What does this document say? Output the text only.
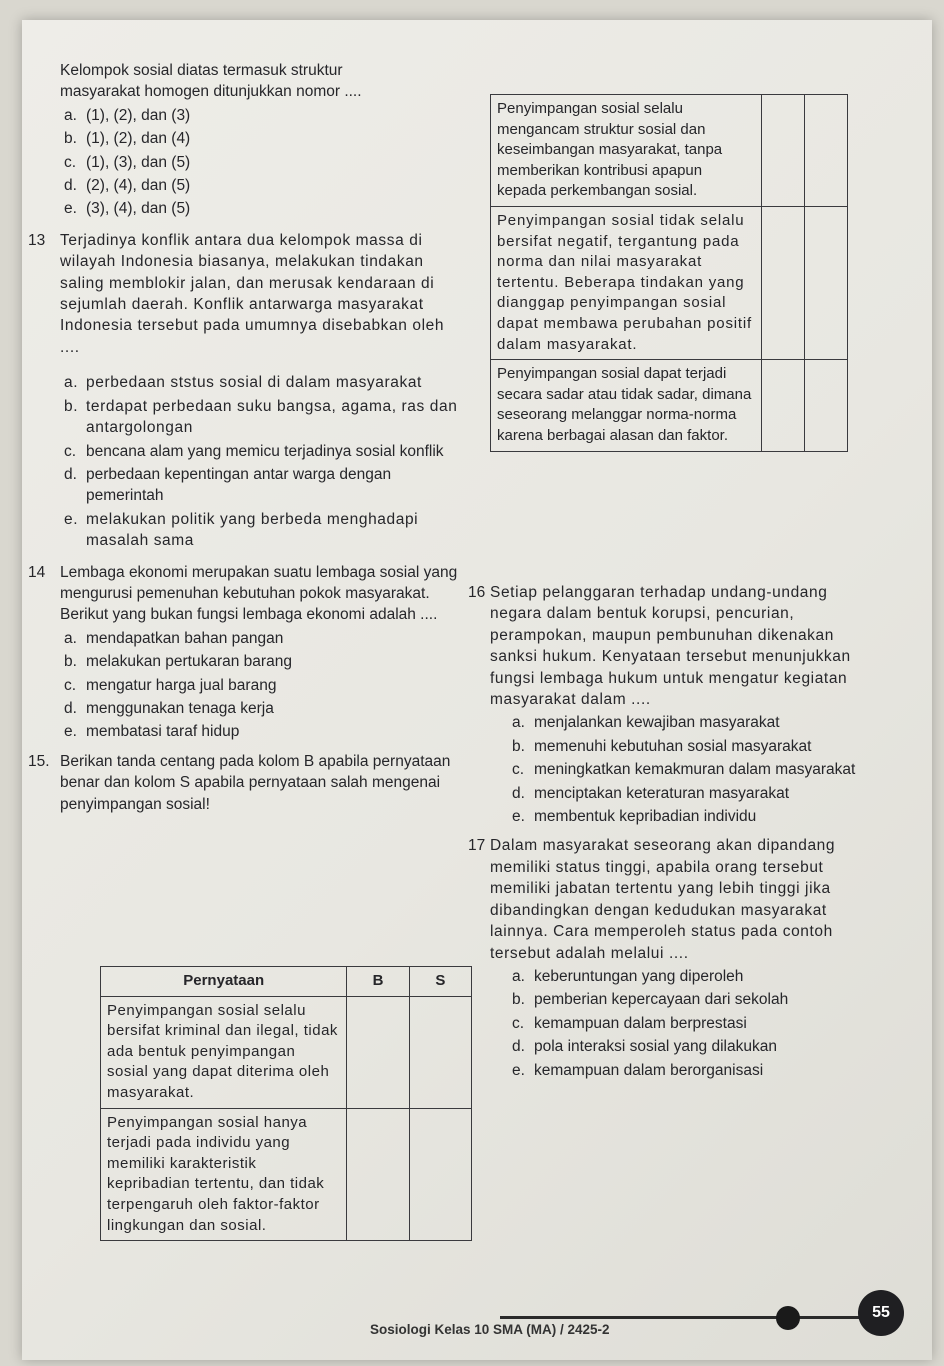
Kelompok sosial diatas termasuk struktur masyarakat homogen ditunjukkan nomor ....

a. (1), (2), dan (3)
b. (1), (2), dan (4)
c. (1), (3), dan (5)
d. (2), (4), dan (5)
e. (3), (4), dan (5)
13 Terjadinya konflik antara dua kelompok massa di wilayah Indonesia biasanya, melakukan tindakan saling memblokir jalan, dan merusak kendaraan di sejumlah daerah. Konflik antarwarga masyarakat Indonesia tersebut pada umumnya disebabkan oleh ....
a. perbedaan ststus sosial di dalam masyarakat
b. terdapat perbedaan suku bangsa, agama, ras dan antargolongan
c. bencana alam yang memicu terjadinya sosial konflik
d. perbedaan kepentingan antar warga dengan pemerintah
e. melakukan politik yang berbeda menghadapi masalah sama
14 Lembaga ekonomi merupakan suatu lembaga sosial yang mengurusi pemenuhan kebutuhan pokok masyarakat. Berikut yang bukan fungsi lembaga ekonomi adalah ....
a. mendapatkan bahan pangan
b. melakukan pertukaran barang
c. mengatur harga jual barang
d. menggunakan tenaga kerja
e. membatasi taraf hidup
15. Berikan tanda centang pada kolom B apabila pernyataan benar dan kolom S apabila pernyataan salah mengenai penyimpangan sosial!
Pernyataan	B	S
Penyimpangan sosial selalu bersifat kriminal dan ilegal, tidak ada bentuk penyimpangan sosial yang dapat diterima oleh masyarakat.		
Penyimpangan sosial hanya terjadi pada individu yang memiliki karakteristik kepribadian tertentu, dan tidak terpengaruh oleh faktor-faktor lingkungan dan sosial.		
Penyimpangan sosial selalu mengancam struktur sosial dan keseimbangan masyarakat, tanpa memberikan kontribusi apapun kepada perkembangan sosial.		
Penyimpangan sosial tidak selalu bersifat negatif, tergantung pada norma dan nilai masyarakat tertentu. Beberapa tindakan yang dianggap penyimpangan sosial dapat membawa perubahan positif dalam masyarakat.		
Penyimpangan sosial dapat terjadi secara sadar atau tidak sadar, dimana seseorang melanggar norma-norma karena berbagai alasan dan faktor.		
16 Setiap pelanggaran terhadap undang-undang negara dalam bentuk korupsi, pencurian, perampokan, maupun pembunuhan dikenakan sanksi hukum. Kenyataan tersebut menunjukkan fungsi lembaga hukum untuk mengatur kegiatan masyarakat dalam ....
a. menjalankan kewajiban masyarakat
b. memenuhi kebutuhan sosial masyarakat
c. meningkatkan kemakmuran dalam masyarakat
d. menciptakan keteraturan masyarakat
e. membentuk kepribadian individu
17 Dalam masyarakat seseorang akan dipandang memiliki status tinggi, apabila orang tersebut memiliki jabatan tertentu yang lebih tinggi jika dibandingkan dengan kedudukan masyarakat lainnya. Cara memperoleh status pada contoh tersebut adalah melalui ....
a. keberuntungan yang diperoleh
b. pemberian kepercayaan dari sekolah
c. kemampuan dalam berprestasi
d. pola interaksi sosial yang dilakukan
e. kemampuan dalam berorganisasi
55
Sosiologi Kelas 10 SMA (MA) / 2425-2
